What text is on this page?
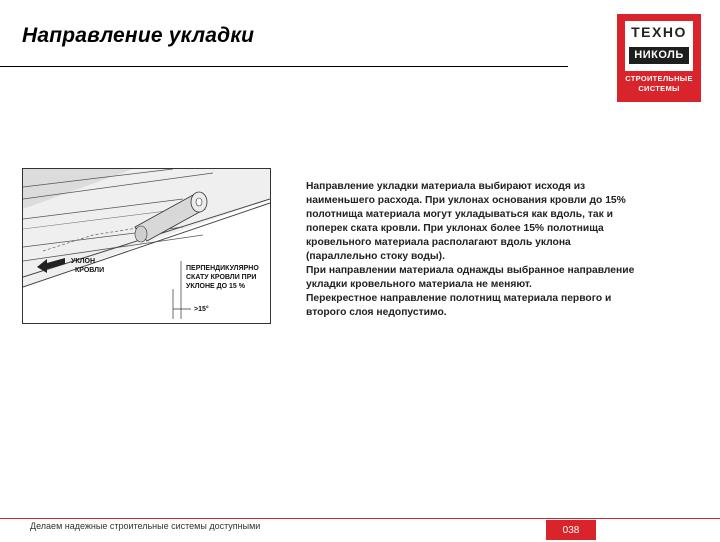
Направление укладки	ТЕХНО
НИКОЛЬ
СТРОИТЕЛЬНЫЕ
СИСТЕМЫ
УКЛОН
КРОВЛИ	ПЕРПЕНДИКУЛЯРНО
СКАТУ КРОВЛИ ПРИ
УКЛОНЕ ДО 15 %
>15°
Направление укладки материала выбирают исходя из
наименьшего расхода. При уклонах основания кровли до 15%
полотнища материала могут укладываться как вдоль, так и
поперек ската кровли. При уклонах более 15% полотнища
кровельного материала располагают вдоль уклона
(параллельно стоку воды).
При направлении материала однажды выбранное направление
укладки кровельного материала не меняют.
Перекрестное направление полотнищ материала первого и
второго слоя недопустимо.
Делаем надежные строительные системы доступными	038
